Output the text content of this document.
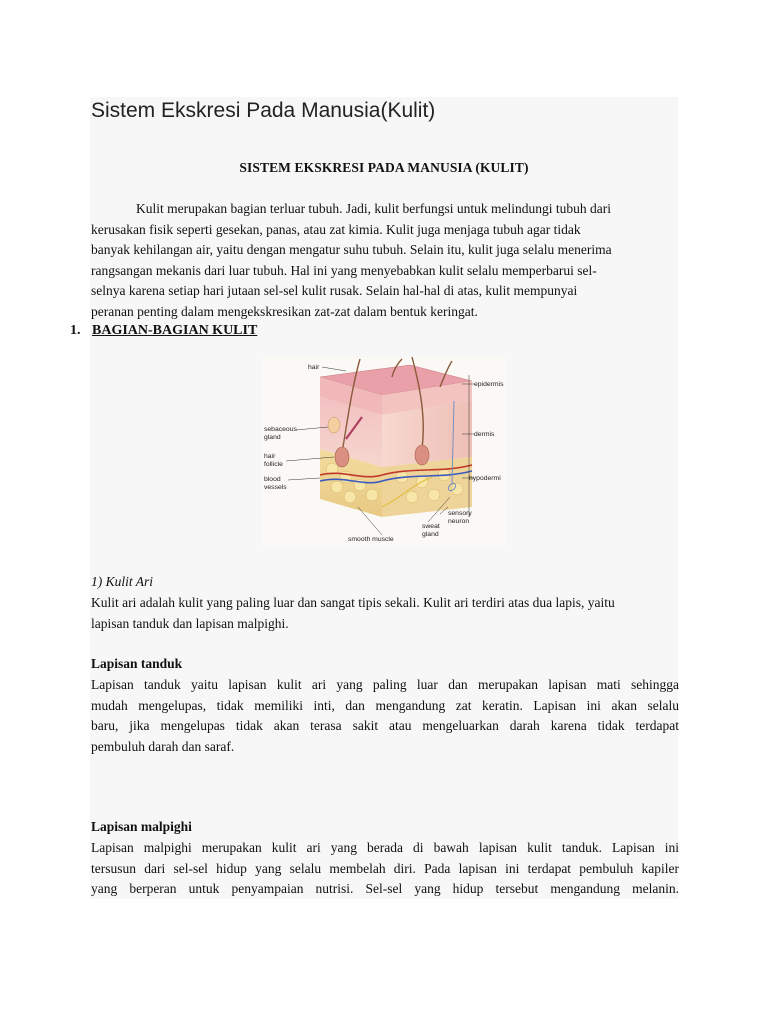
Sistem Ekskresi Pada Manusia(Kulit)
SISTEM EKSKRESI PADA MANUSIA (KULIT)
Kulit merupakan bagian terluar tubuh. Jadi, kulit berfungsi untuk melindungi tubuh dari
kerusakan fisik seperti gesekan, panas, atau zat kimia. Kulit juga menjaga tubuh agar tidak
banyak kehilangan air, yaitu dengan mengatur suhu tubuh. Selain itu, kulit juga selalu menerima
rangsangan mekanis dari luar tubuh. Hal ini yang menyebabkan kulit selalu memperbarui sel-
selnya karena setiap hari jutaan sel-sel kulit rusak. Selain hal-hal di atas, kulit mempunyai
peranan penting dalam mengekskresikan zat-zat dalam bentuk keringat.
1. BAGIAN-BAGIAN KULIT
hair
epidermis
sebaceous
gland	dermis
hair
follicle
blood
vessels
hypodermi
sensory
neuron
sweat
gland
smooth muscle
1) Kulit Ari
Kulit ari adalah kulit yang paling luar dan sangat tipis sekali. Kulit ari terdiri atas dua lapis, yaitu
lapisan tanduk dan lapisan malpighi.
Lapisan tanduk
Lapisan tanduk yaitu lapisan kulit ari yang paling luar dan merupakan lapisan mati sehingga
mudah mengelupas, tidak memiliki inti, dan mengandung zat keratin. Lapisan ini akan selalu
baru, jika mengelupas tidak akan terasa sakit atau mengeluarkan darah karena tidak terdapat
pembuluh darah dan saraf.
Lapisan malpighi
Lapisan malpighi merupakan kulit ari yang berada di bawah lapisan kulit tanduk. Lapisan ini
tersusun dari sel-sel hidup yang selalu membelah diri. Pada lapisan ini terdapat pembuluh kapiler
yang berperan untuk penyampaian nutrisi. Sel-sel yang hidup tersebut mengandung melanin.
